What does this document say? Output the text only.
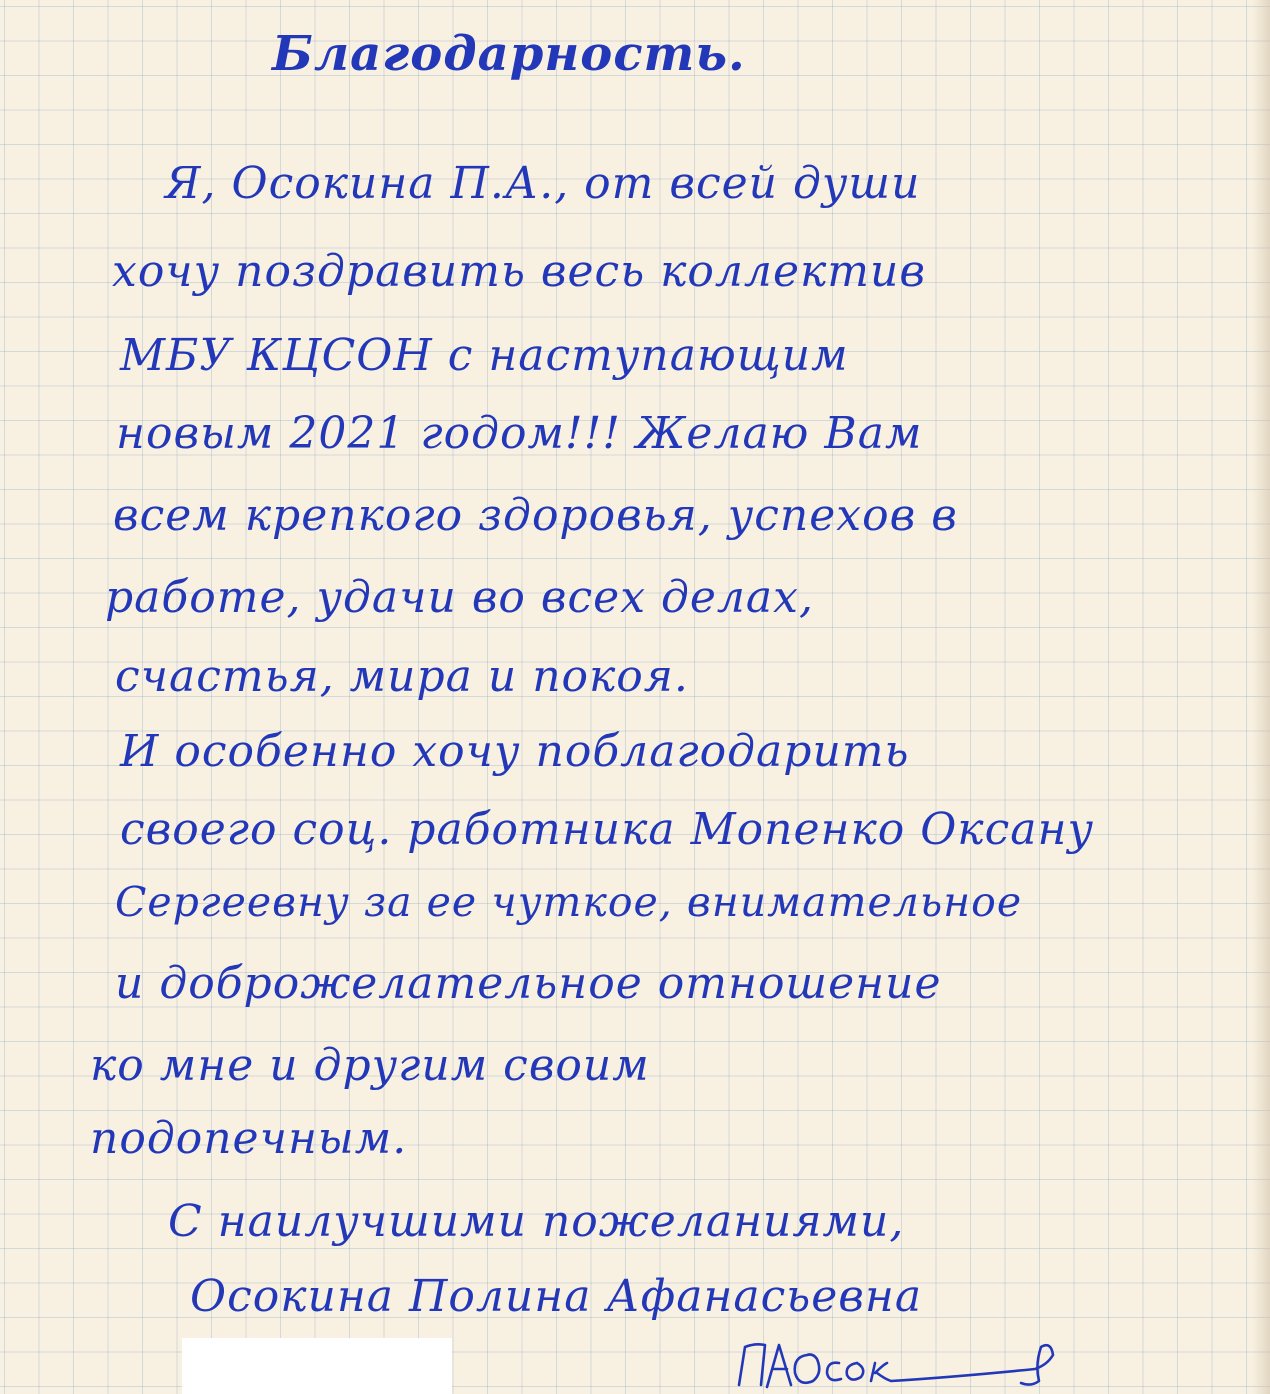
Благодарность.

Я, Осокина П.А., от всей души

хочу поздравить весь коллектив

МБУ КЦСОН с наступающим

новым 2021 годом!!! Желаю Вам

всем крепкого здоровья, успехов в

работе, удачи во всех делах,

счастья, мира и покоя.

И особенно хочу поблагодарить

своего соц. работника Мопенко Оксану

Сергеевну за ее чуткое, внимательное

и доброжелательное отношение

ко мне и другим своим

подопечным.

С наилучшими пожеланиями,

Осокина Полина Афанасьевна
